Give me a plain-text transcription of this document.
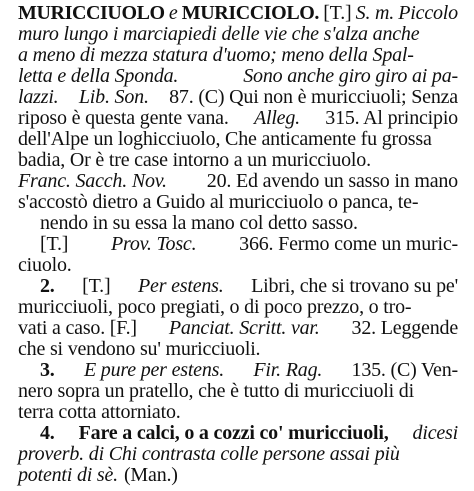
MURICCIUOLO e MURICCIOLO. [T.] S. m. Piccolo
muro lungo i marciapiedi delle vie che s'alza anche
a meno di mezza statura d'uomo; meno della Spal-
letta e della Sponda.	Sono anche giro giro ai pa-
lazzi. Lib. Son. 87. (C) Qui non è muricciuoli; Senza
riposo è questa gente vana. Alleg. 315. Al principio
dell'Alpe un loghicciuolo, Che anticamente fu grossa
badia, Or è tre case intorno a un muricciuolo.
Franc. Sacch. Nov. 20. Ed avendo un sasso in mano
s'accostò dietro a Guido al muricciuolo o panca, te-
nendo in su essa la mano col detto sasso.
[T.] Prov. Tosc. 366. Fermo come un muric-
ciuolo.
2. [T.] Per estens. Libri, che si trovano su pe'
muricciuoli, poco pregiati, o di poco prezzo, o tro-
vati a caso. [F.] Panciat. Scritt. var. 32. Leggende
che si vendono su' muricciuoli.
3. E pure per estens. Fir. Rag. 135. (C) Ven-
nero sopra un pratello, che è tutto di muricciuoli di
terra cotta attorniato.
4. Fare a calci, o a cozzi co' muricciuoli, dicesi
proverb. di Chi contrasta colle persone assai più
potenti di sè. (Man.)
